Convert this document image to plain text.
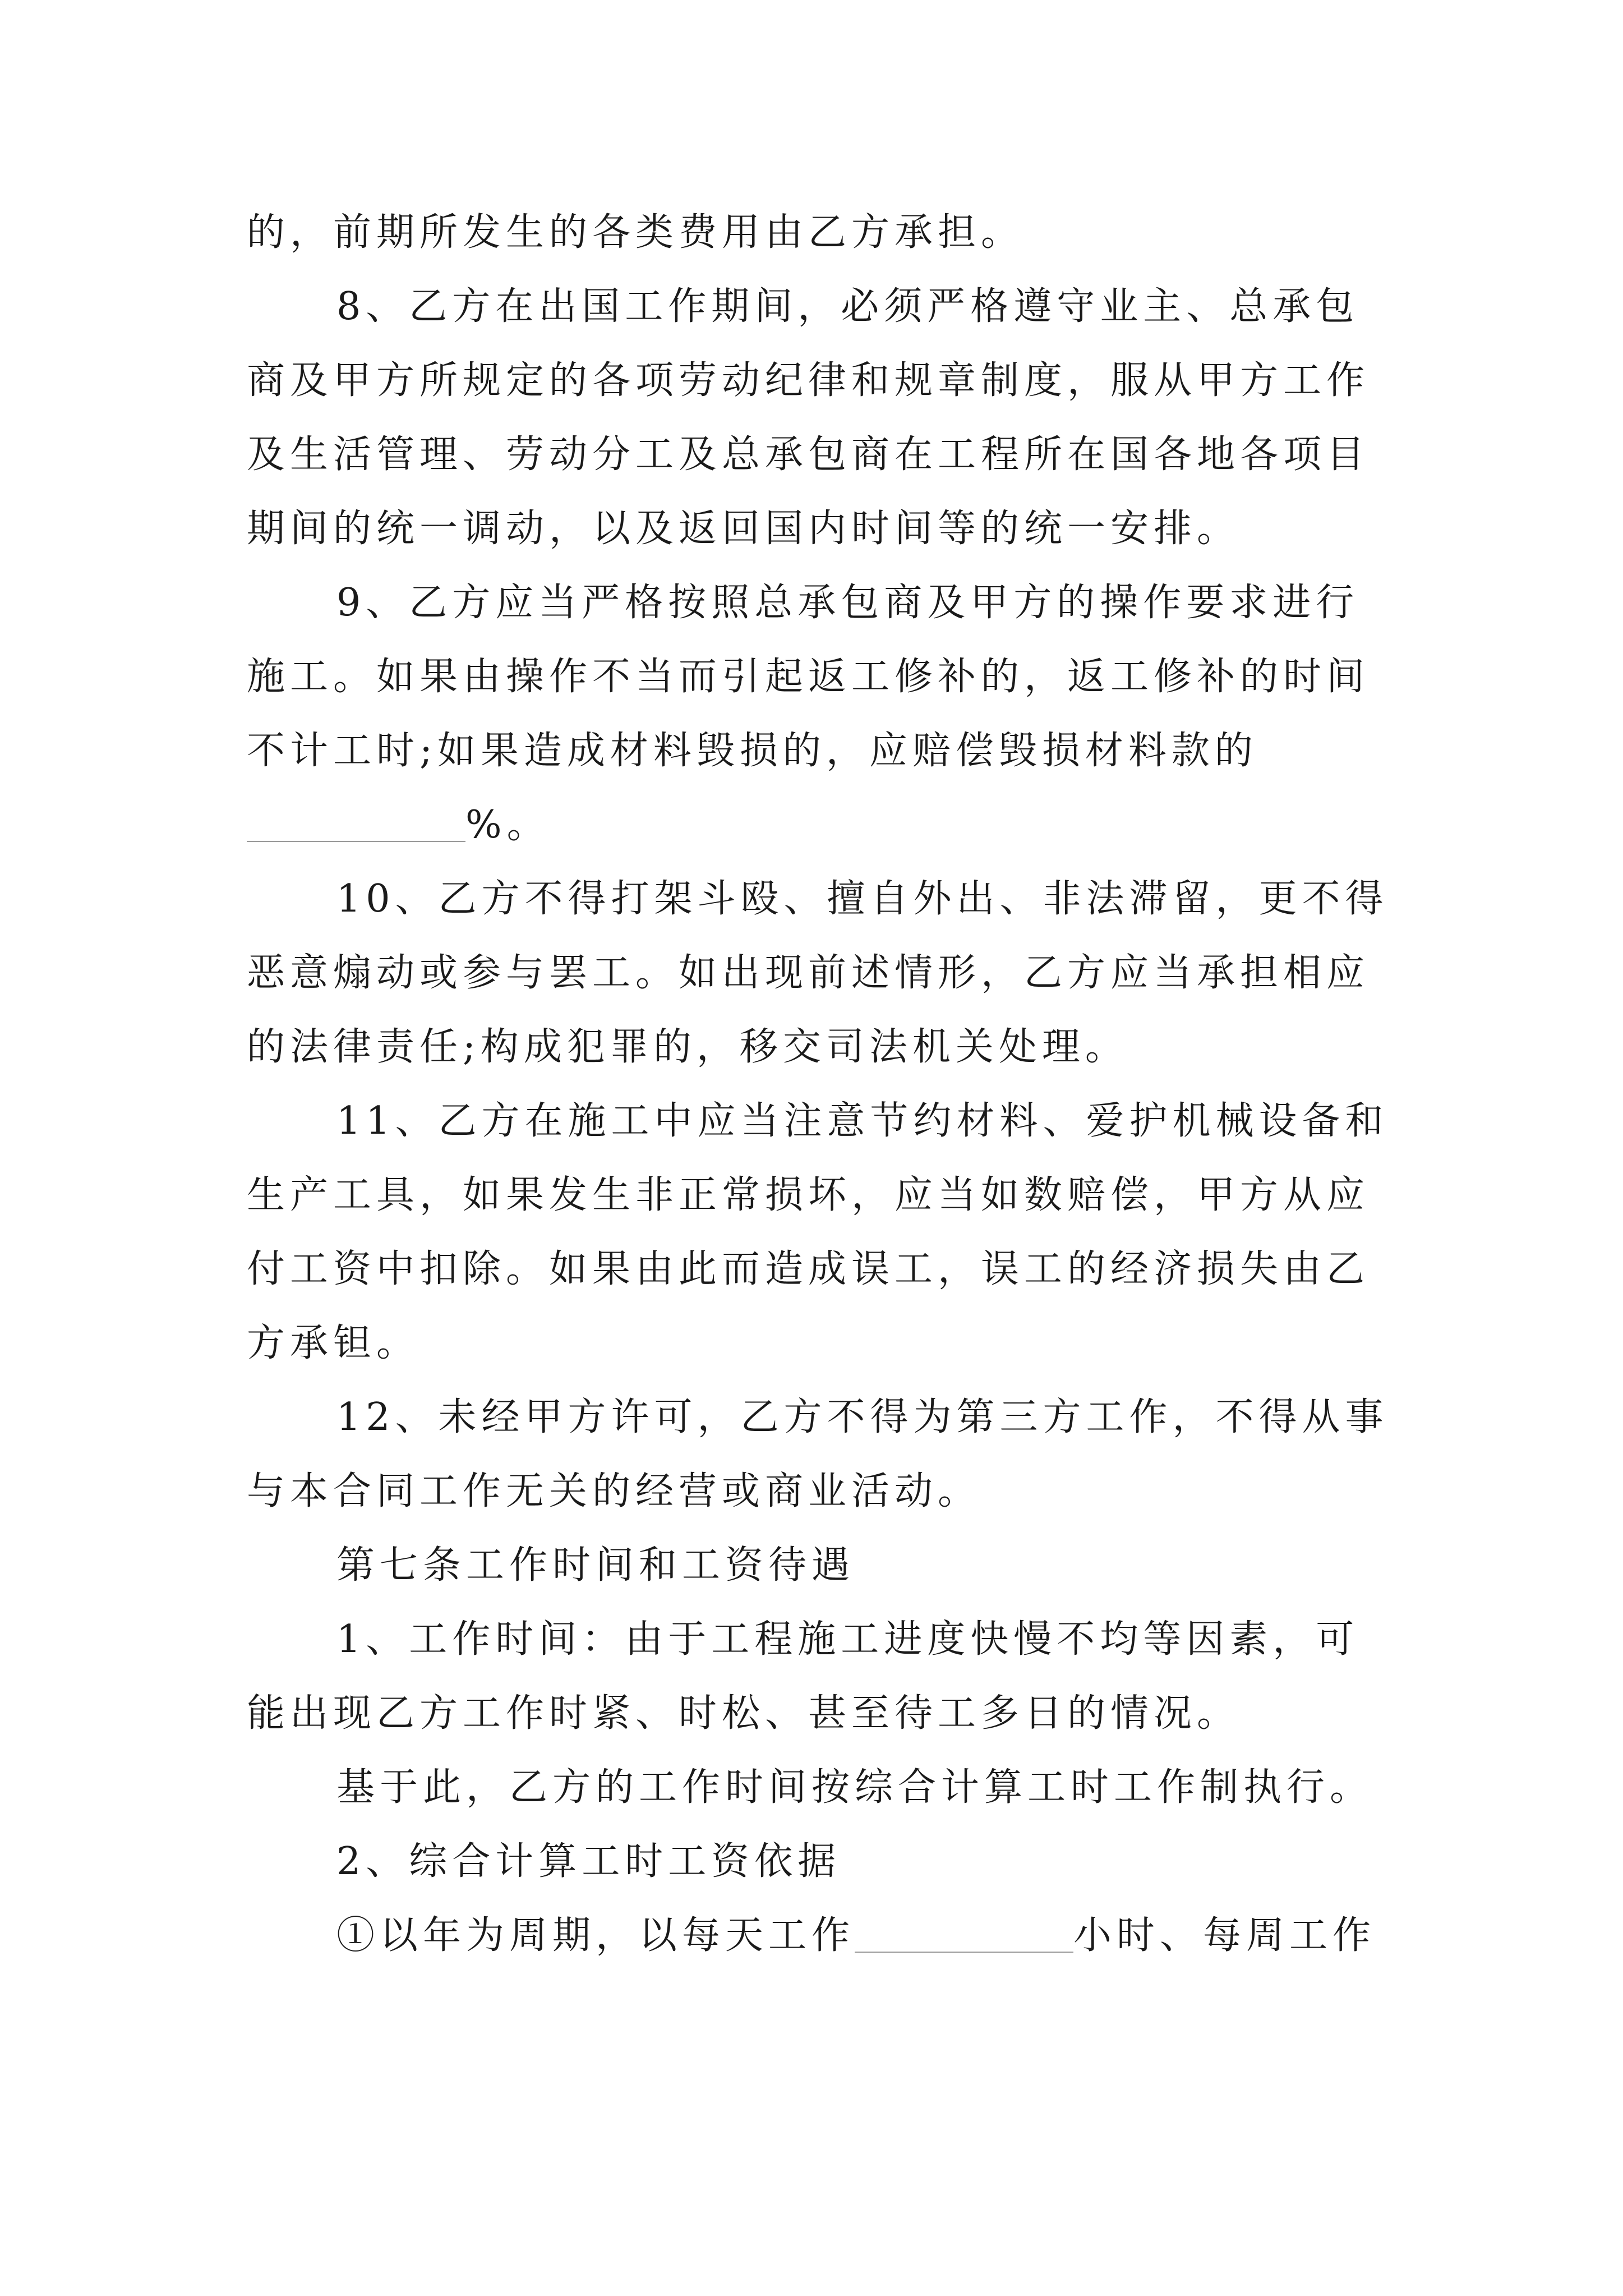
的，前期所发生的各类费用由乙方承担。
8、乙方在出国工作期间，必须严格遵守业主、总承包
商及甲方所规定的各项劳动纪律和规章制度，服从甲方工作
及生活管理、劳动分工及总承包商在工程所在国各地各项目
期间的统一调动，以及返回国内时间等的统一安排。
9、乙方应当严格按照总承包商及甲方的操作要求进行
施工。如果由操作不当而引起返工修补的，返工修补的时间
不计工时;如果造成材料毁损的，应赔偿毁损材料款的
%。
10、乙方不得打架斗殴、擅自外出、非法滞留，更不得
恶意煽动或参与罢工。如出现前述情形，乙方应当承担相应
的法律责任;构成犯罪的，移交司法机关处理。
11、乙方在施工中应当注意节约材料、爱护机械设备和
生产工具，如果发生非正常损坏，应当如数赔偿，甲方从应
付工资中扣除。如果由此而造成误工，误工的经济损失由乙
方承钽。
12、未经甲方许可，乙方不得为第三方工作，不得从事
与本合同工作无关的经营或商业活动。
第七条工作时间和工资待遇
1、工作时间：由于工程施工进度快慢不均等因素，可
能出现乙方工作时紧、时松、甚至待工多日的情况。
基于此，乙方的工作时间按综合计算工时工作制执行。
2、综合计算工时工资依据
①以年为周期，以每天工作	小时、每周工作
